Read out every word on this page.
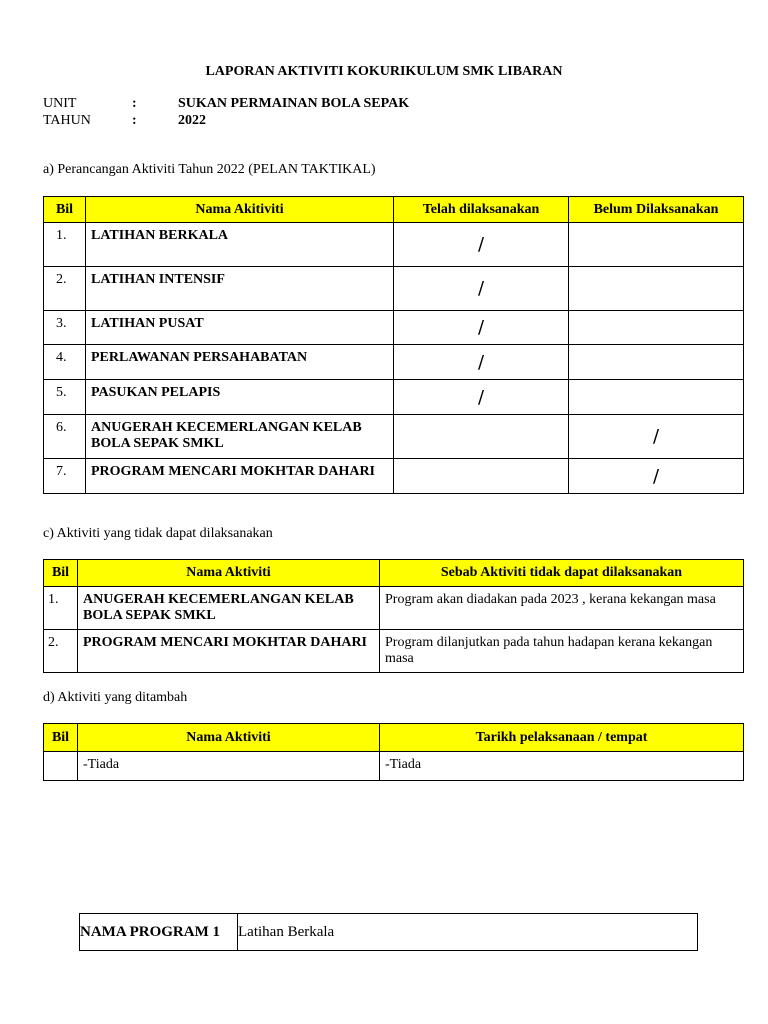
LAPORAN AKTIVITI KOKURIKULUM SMK LIBARAN
UNIT	:	SUKAN PERMAINAN BOLA SEPAK
TAHUN	:	2022
a) Perancangan Aktiviti Tahun 2022 (PELAN TAKTIKAL)
Bil	Nama Akitiviti	Telah dilaksanakan	Belum Dilaksanakan
1.	LATIHAN BERKALA	/	
2.	LATIHAN INTENSIF	/	
3.	LATIHAN PUSAT	/	
4.	PERLAWANAN PERSAHABATAN	/	
5.	PASUKAN PELAPIS	/	
6.	ANUGERAH KECEMERLANGAN KELAB BOLA SEPAK SMKL		/
7.	PROGRAM MENCARI MOKHTAR DAHARI		/
c) Aktiviti yang tidak dapat dilaksanakan
Bil	Nama Aktiviti	Sebab Aktiviti tidak dapat dilaksanakan
1.	ANUGERAH KECEMERLANGAN KELAB BOLA SEPAK SMKL	Program akan diadakan pada 2023 , kerana kekangan masa
2.	PROGRAM MENCARI MOKHTAR DAHARI	Program dilanjutkan pada tahun hadapan kerana kekangan masa
d) Aktiviti yang ditambah
Bil	Nama Aktiviti	Tarikh pelaksanaan / tempat
	-Tiada	-Tiada
NAMA PROGRAM 1	Latihan Berkala
